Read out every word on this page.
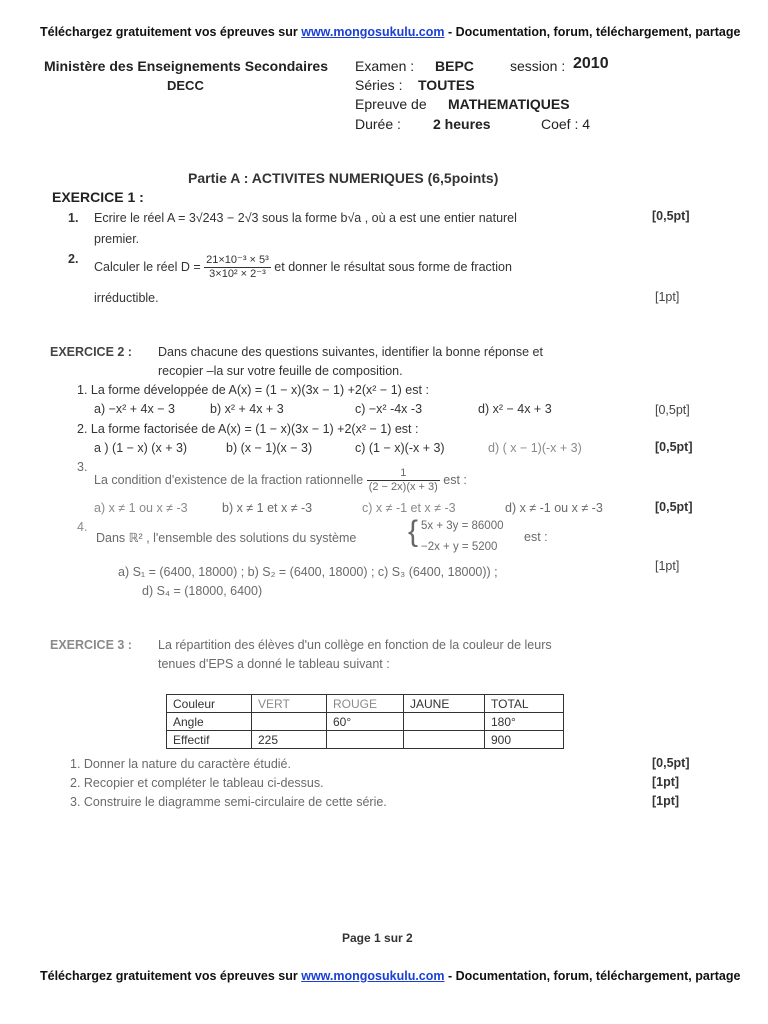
Téléchargez gratuitement vos épreuves sur www.mongosukulu.com - Documentation, forum, téléchargement, partage
Ministère des Enseignements Secondaires
DECC
Examen : BEPC	session : 2010
Séries : TOUTES
Epreuve de MATHEMATIQUES
Durée : 2 heures	Coef : 4
Partie A : ACTIVITES NUMERIQUES (6,5points)
EXERCICE 1 :
1. Ecrire le réel A = 3√243 − 2√3 sous la forme b√a , où a est une entier naturel
premier.
[0,5pt]
2.
Calculer le réel $D = \frac{\text{21×10⁻³ × 5³}}{\text{3×10² × 2⁻³}}$ et donner le résultat sous forme de fraction
irréductible.	[1pt]
EXERCICE 2 : Dans chacune des questions suivantes, identifier la bonne réponse et
recopier –la sur votre feuille de composition.
1. La forme développée de A(x) = (1 − x)(3x − 1) +2(x² − 1) est :
a) −x² + 4x − 3	b) x² + 4x + 3	c) −x² -4x -3	d) x² − 4x + 3	[0,5pt]
2. La forme factorisée de A(x) = (1 − x)(3x − 1) +2(x² − 1) est :
a ) (1 − x) (x + 3)	b) (x − 1)(x − 3)	c) (1 − x)(-x + 3)	d) ( x − 1)(-x + 3)	[0,5pt]
3.
La condition d'existence de la fraction rationnelle $\frac{1}{(2 - 2x)(x + 3)}$ est :
a) x ≠ 1 ou x ≠ -3	b) x ≠ 1 et x ≠ -3	c) x ≠ -1 et x ≠ -3	d) x ≠ -1 ou x ≠ -3	[0,5pt]
4.
Dans ℝ² , l'ensemble des solutions du système { 5x + 3y = 86000
−2x + y = 5200
est :
a) S₁ = (6400, 18000) ; b) S₂ = (6400, 18000) ; c) S₃ (6400, 18000)) ;
d) S₄ = (18000, 6400)
[1pt]
EXERCICE 3 : La répartition des élèves d'un collège en fonction de la couleur de leurs
tenues d'EPS a donné le tableau suivant :
Couleur	VERT	ROUGE	JAUNE	TOTAL
Angle		60°		180°
Effectif	225			900
1. Donner la nature du caractère étudié.	[0,5pt]
2. Recopier et compléter le tableau ci-dessus.	[1pt]
3. Construire le diagramme semi-circulaire de cette série.	[1pt]
Page 1 sur 2
Téléchargez gratuitement vos épreuves sur www.mongosukulu.com - Documentation, forum, téléchargement, partage
